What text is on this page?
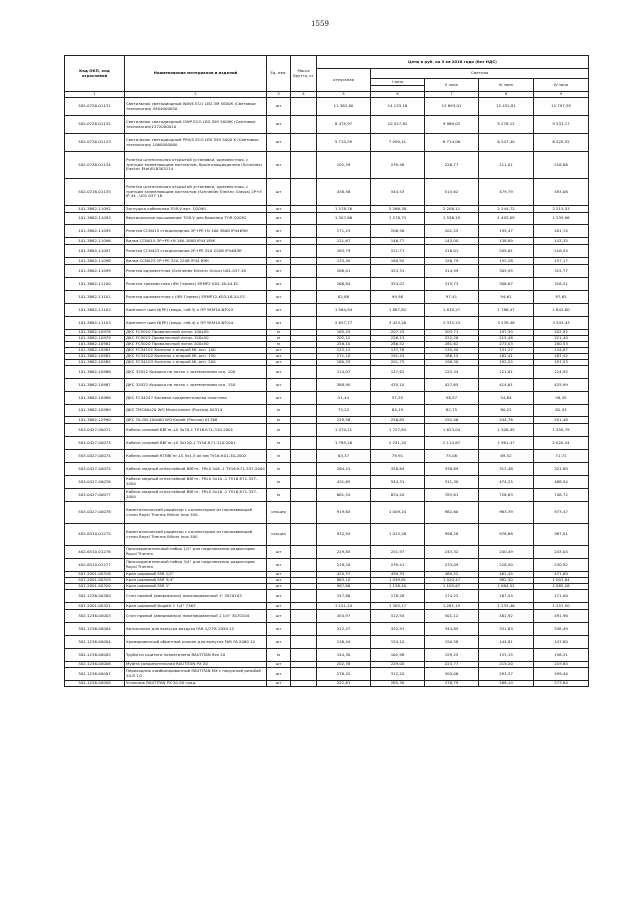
1559
Код ОКП, код отраслевой	Наименование материалов и изделий	Ед. изм.	Масса брутто, кг	Цена в руб. на 3 кв 2018 года (без НДС)				
				отпускная	Сметная			
					I зона	II зона	III зона	IV зона

1	2	3	4	5	6	7	8	9
502-0726-01131	Светильник светодиодный WAVE ECO LED 3M 5000К (Световые технологии) 4504000050	шт		11 382,80	14 133,18	13 893,01	12 452,81	12 797,59
502-0726-01132	Светильник светодиодный OWP ECO LED 595 5000К (Световые технологии)1372000010	шт		8 479,97	10 527,82	9 969,03	9 276,12	9 533,17
502-0726-01133	Светильник светодиодный PRS/S ECO LED 595 5000 K (Световые технологии) 1060000060	шт		5 710,59	7 090,41	6 714,06	6 247,40	6 420,52
502-0726-01134	Розетка штепсельная открытой установки, одноместная, с третьим заземляющим контактом, брызгозащищенная (Schneider Electric Etat)ELB303114	шт		192,59	239,48	226,77	211,01	216,86
502-0726-01135	Розетка штепсельная открытой установки, одноместная, с третьим заземляющим контактом (Schneider Electric Glossa) 2P+E IP 44 , U01 037 18	шт		438,56	544,53	515,62	479,79	493,08
101-3862-11092	Заглушка кабельная TOR-V арт. Q2090	шт		1 578,76	2 266,38	2 208,11	2 144,72	2 213,53
101-3862-11093	Вертикальное расширение TOR-V для башенки TOR Q2092	шт		1 307,66	1 578,73	1 536,19	1 492,09	1 539,96
101-3862-11095	Розетка CCN415 стационарная 3P+PE+N 16А 380В IP44ИЭК	шт		171,23	206,56	201,25	195,47	201,74
101-3862-11096	Вилка CCN015 3P+PE+N 16А 380В IP44 ИЭК	шт		121,67	146,77	143,00	138,89	143,35
101-3862-11097	Розетка CCN423 стационарная 2P+PE 32А 220В IP44ИЭК	шт		183,79	221,71	216,01	209,81	216,54
101-3862-11098	Вилка CCN023 2P+PE 32А 220В IP44 ИЭК	шт		133,40	160,92	156,79	152,28	157,17
101-3862-11099	Розетка одноместная (Schneider Electric Unica) U61.037.18	шт		268,01	323,31	314,99	305,95	315,77
101-3862-11100	Розетка трехместная (IEK Гермес) ERMP2 K02-16-44-EC	шт		268,84	324,07	315,73	306,67	316,51
101-3862-11101	Розетка одноместная с (IEK Гермес) ERMP12-K03-16-54-EC	шт		82,68	99,98	97,41	94,61	97,65
101-3862-11102	Комплект шин N(PE) (медь, габ.3) к ПР YKM10-NP-03	шт		1 564,94	1 887,82	1 839,27	1 786,47	1 843,80
101-3862-11103	Комплект шин N(PE) (медь, габ.4) к ПР YKM10-NP-04	шт		2 837,77	3 423,26	3 335,23	3 239,48	3 343,43
101-3862-10978	ДКС FC5010 Проволочный лоток 100х50	м		165,25	207,25	203,71	197,50	202,92
101-3862-10979	ДКС FC5015 Проволочный лоток 150х50	м		202,12	226,13	222,26	215,48	221,40
101-3862-10981	ДКС FC5020 Проволочный лоток 200х50	м		256,10	286,52	281,62	273,03	280,53
101-3862-10981	ДКС FC34101 Консоль с опорой ML осн. 100	шт		123,13	137,76	135,40	131,27	134,87
101-3862-10982	ДКС FC34102 Консоль с опорой ML осн. 150	шт		171,10	191,43	188,15	182,41	187,42
101-3862-10985	ДКС FC34103 Консоль с опорой ML осн. 200	шт		180,33	201,75	198,30	192,25	197,53
101-3862-10986	ДКС 35522 Крышка на лоток с заземлением осн. 100	шт		114,07	127,62	125,44	121,61	124,95
101-3862-10987	ДКС 35522 Крышка на лоток с заземлением осн. 150	шт		388,90	435,10	427,65	414,61	425,99
101-3862-10988	ДКС FC34247 Боковая соединительная пластина	шт		51,44	57,55	56,57	54,84	56,35
101-3862-10989	ДКС TMC60x20 WO Мини-канал (Россия) 00314	м		75,25	84,19	82,75	80,22	82,43
101-3862-12990	ДКС TA-GN 100x60 WO Короб (Россия) 01766	м		229,58	256,85	252,46	244,76	251,48
503-0427-00072	Кабель силовой ВВГнг-LS 3x70-1 ТУ16.К71-310-2001	м		1 370,21	1 727,83	1 623,04	1 508,45	1 550,79
503-0427-00073	Кабель силовой ВВГнг-LS 3x120-1 ТУ16.К71-310-2001	м		1 785,26	2 251,20	2 114,67	1 961,47	2 020,54
503-0427-00074	Кабель силовой КГВВГнг-LS 5x1,5 ок мм ТУ16.К01-30-2002	м		63,37	79,91	75,06	69,52	71,72
503-0427-00075	Кабель медный огнестойкий ВВГнг- FRLS 5x6 -1 ТУ16.К71-337-2004	м		284,41	358,64	336,89	312,48	321,89
503-0427-00076	Кабель медный огнестойкий ВВГнг- FRLS 5x10 -1 ТУ16.К71-337-2004	м		431,65	544,31	511,30	474,25	488,54
503-0427-00077	Кабель медный огнестойкий ВВГнг- FRLS 5x16 -1 ТУ16.К71-337-2004	м		661,54	834,20	783,61	726,83	748,72
503-0427-00078	Биметаллический радиатор с коллектором из нержавеющей стали Royal Thermo Biliner Inox 350	секция		919,65	1 009,24	982,60	963,39	973,47
402-8310-01275	Биметаллический радиатор с коллектором из нержавеющей стали Royal Thermo Biliner Inox 500	секция		932,94	1 023,28	996,28	976,68	987,01
402-6310-01276	Присоединительный набор 1/2" для подключения радиаторов Royal Thermo	шт		229,85	251,97	245,32	240,49	243,04
402-6310-01277	Присоединительный набор 3/4" для подключения радиаторов Royal Thermo	шт		218,20	239,41	233,09	228,50	230,92
507-2001-00318	Кран шаровый FAR 1/2"	шт		420,37	499,33	480,52	462,45	471,69
507-2001-00319	Кран шаровый FAR 3/4"	шт		863,10	1 039,61	1 020,47	982,50	1 001,84
507-2001-00320	Кран шаровый FAR 1"	шт		967,86	1 126,40	1 105,67	1 064,52	1 085,26
302-1236-00300	Стоп прямой (американка) никелированный 1" 3070103	шт		157,86	178,28	174,22	167,54	171,00
507-2001-00321	Кран шаровый Bugatti 1 1/4" 7363	шт		1 121,24	1 305,17	1 281,15	1 233,46	1 257,50
302-1236-00003	Стоп прямой (американка) никелированный 1 1/4" 3070104	шт		454,97	512,54	501,12	481,92	491,96
302-1236-00004	Автоклапан для выпуска воздуха FAR 1/2 FA 2050 12	шт		312,47	352,91	344,85	331,63	338,49
302-1236-00004	Хромированный обратный клапан для выпуска FAR FA 2080 12	шт		136,44	154,10	150,58	144,81	147,80
302-1236-00005	Труба из сшитого полиэтилена RAUTITAN flex 20	м		144,30	162,98	159,25	153,15	156,31
302-1236-00006	Муфта соединительная RAUTITAN PX 20	шт		202,76	229,00	223,77	215,20	219,64
302-1236-00007	Переходник комбинированный RAUTITAN MX с наружной резьбой 20-R 1/2	шт		276,42	312,20	305,06	293,37	299,44
302-1236-00008	Угольник RAUTITAN PX 20-90 град.	шт		252,61	285,30	278,79	268,10	273,64
